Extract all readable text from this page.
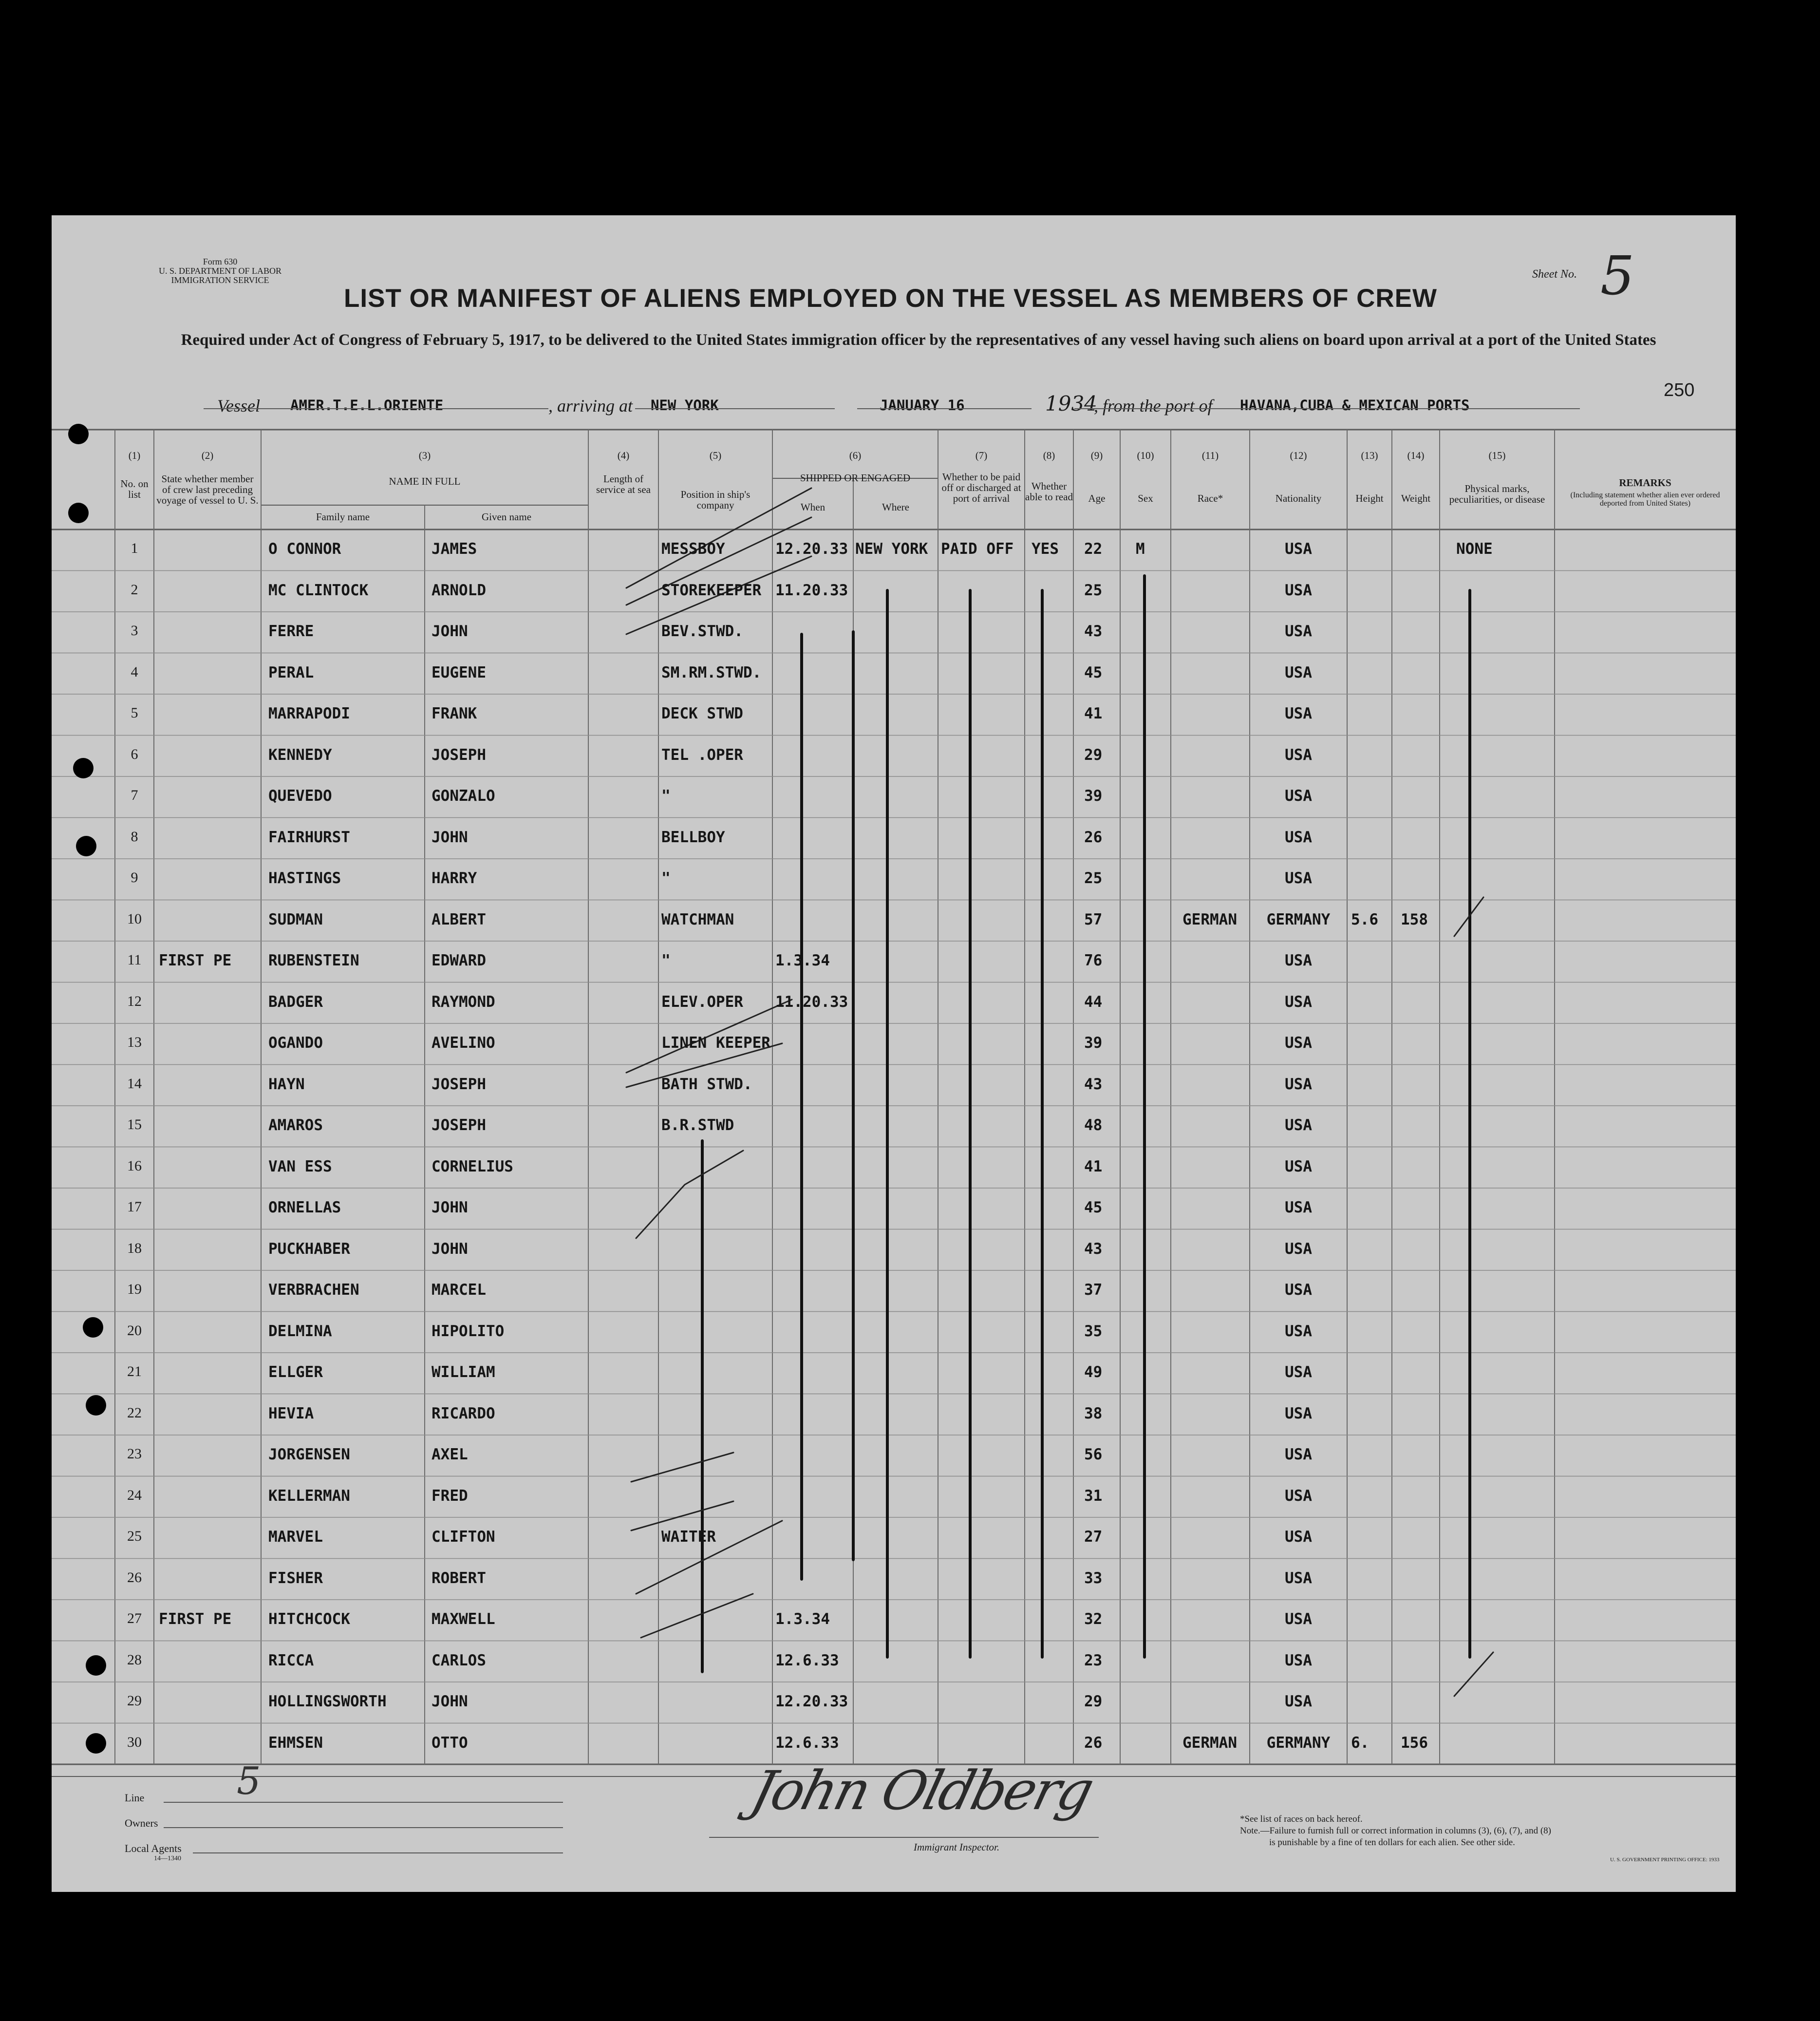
Form 630
U. S. DEPARTMENT OF LABOR
IMMIGRATION SERVICE	Sheet No. 5
LIST OR MANIFEST OF ALIENS EMPLOYED ON THE VESSEL AS MEMBERS OF CREW
Required under Act of Congress of February 5, 1917, to be delivered to the United States immigration officer by the representatives of any vessel having such aliens on board upon arrival at a port of the United States
250
Vessel AMER.T.E.L.ORIENTE	, arriving at NEW YORK	JANUARY 16	1934
, from the port of HAVANA,CUBA & MEXICAN PORTS
(1)
No. on list
(2)
State whether member of crew last preceding voyage of vessel to U. S.
(3)
NAME IN FULL
Family name	Given name
(4)
Length of service at sea
(5)
Position in ship's company
(6)
SHIPPED OR ENGAGED
When	Where
(7)
Whether to be paid off or discharged at port of arrival
(8)
Whether able to read
(9)
Age
(10)
Sex
(11)
Race*
(12)
Nationality
(13)
Height
(14)
Weight
(15)
Physical marks, peculiarities, or disease
REMARKS
(Including statement whether alien ever ordered deported from United States)
1	O CONNOR	JAMES	MESSBOY	12.20.33 NEW YORK PAID OFF	YES	22	M	USA	NONE
2	MC CLINTOCK	ARNOLD	STOREKEEPER 11.20.33	25	USA
3	FERRE	JOHN	BEV.STWD.	43	USA
4	PERAL	EUGENE	SM.RM.STWD.	45	USA
5	MARRAPODI	FRANK	DECK STWD	41	USA
6	KENNEDY	JOSEPH	TEL .OPER	29	USA
7	QUEVEDO	GONZALO	"	39	USA
8	FAIRHURST	JOHN	BELLBOY	26	USA
9	HASTINGS	HARRY	"	25	USA
10	SUDMAN	ALBERT	WATCHMAN	57	GERMAN	GERMANY	5.6	158
11	FIRST PE	RUBENSTEIN	EDWARD	"	1.3.34	76	USA
12	BADGER	RAYMOND	ELEV.OPER	11.20.33	44	USA
13	OGANDO	AVELINO	LINEN KEEPER	39	USA
14	HAYN	JOSEPH	BATH STWD.	43	USA
15	AMAROS	JOSEPH	B.R.STWD	48	USA
16	VAN ESS	CORNELIUS	41	USA
17	ORNELLAS	JOHN	45	USA
18	PUCKHABER	JOHN	43	USA
19	VERBRACHEN	MARCEL	37	USA
20	DELMINA	HIPOLITO	35	USA
21	ELLGER	WILLIAM	49	USA
22	HEVIA	RICARDO	38	USA
23	JORGENSEN	AXEL	56	USA
24	KELLERMAN	FRED	31	USA
25	MARVEL	CLIFTON	WAITER	27	USA
26	FISHER	ROBERT	33	USA
27	FIRST PE	HITCHCOCK	MAXWELL	1.3.34	32	USA
28	RICCA	CARLOS	12.6.33	23	USA
29	HOLLINGSWORTH	JOHN	12.20.33	29	USA
30	EHMSEN	OTTO	12.6.33	26	GERMAN	GERMANY	6.	156
Line 5
Owners
Local Agents
14—1340
John Oldberg
Immigrant Inspector.
*See list of races on back hereof.
Note.—Failure to furnish full or correct information in columns (3), (6), (7), and (8)
is punishable by a fine of ten dollars for each alien. See other side.
U. S. GOVERNMENT PRINTING OFFICE: 1933
